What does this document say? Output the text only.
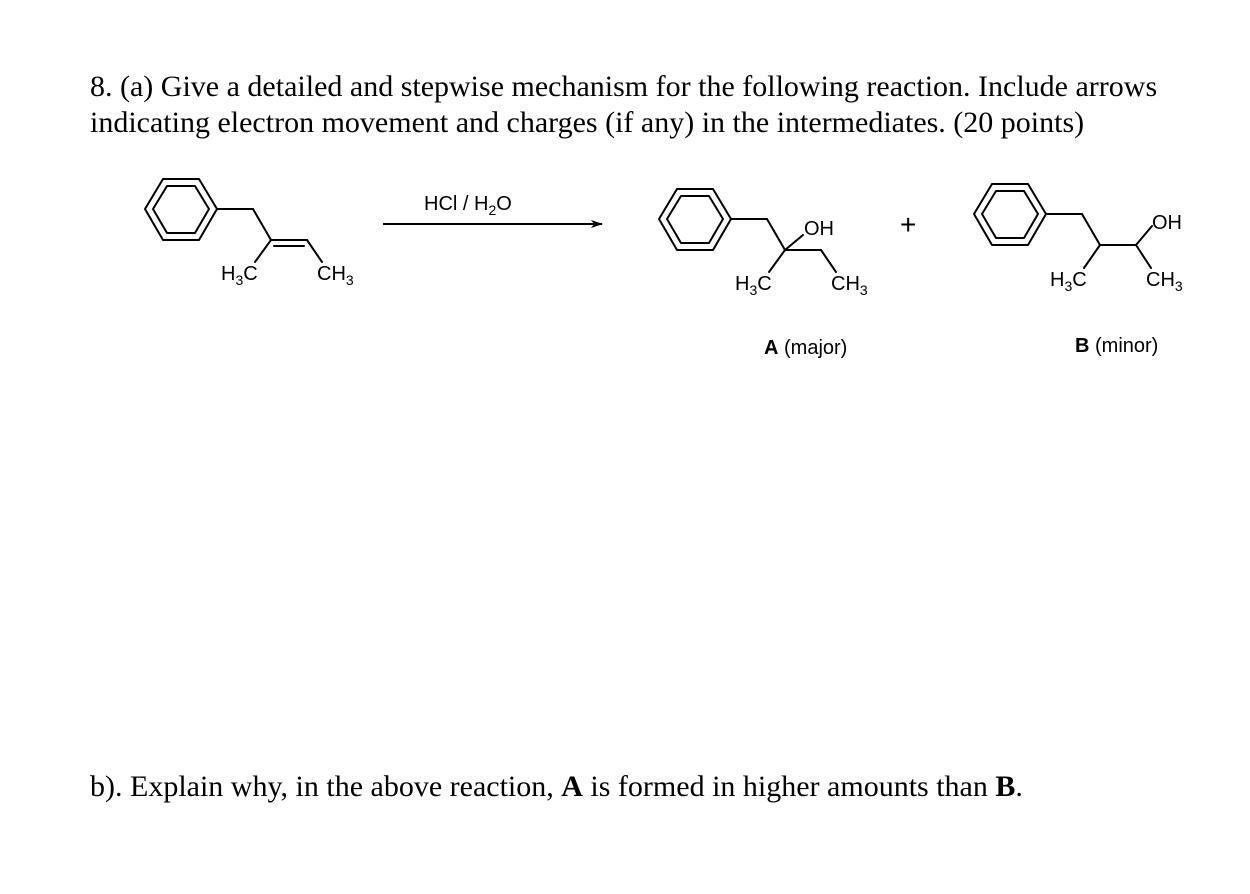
8. (a) Give a detailed and stepwise mechanism for the following reaction. Include arrows
indicating electron movement and charges (if any) in the intermediates. (20 points)
b). Explain why, in the above reaction, A is formed in higher amounts than B.
H3C	CH3
HCl / H2O
OH
H3C	CH3
A (major)
+	OH
H3C	CH3
B (minor)
